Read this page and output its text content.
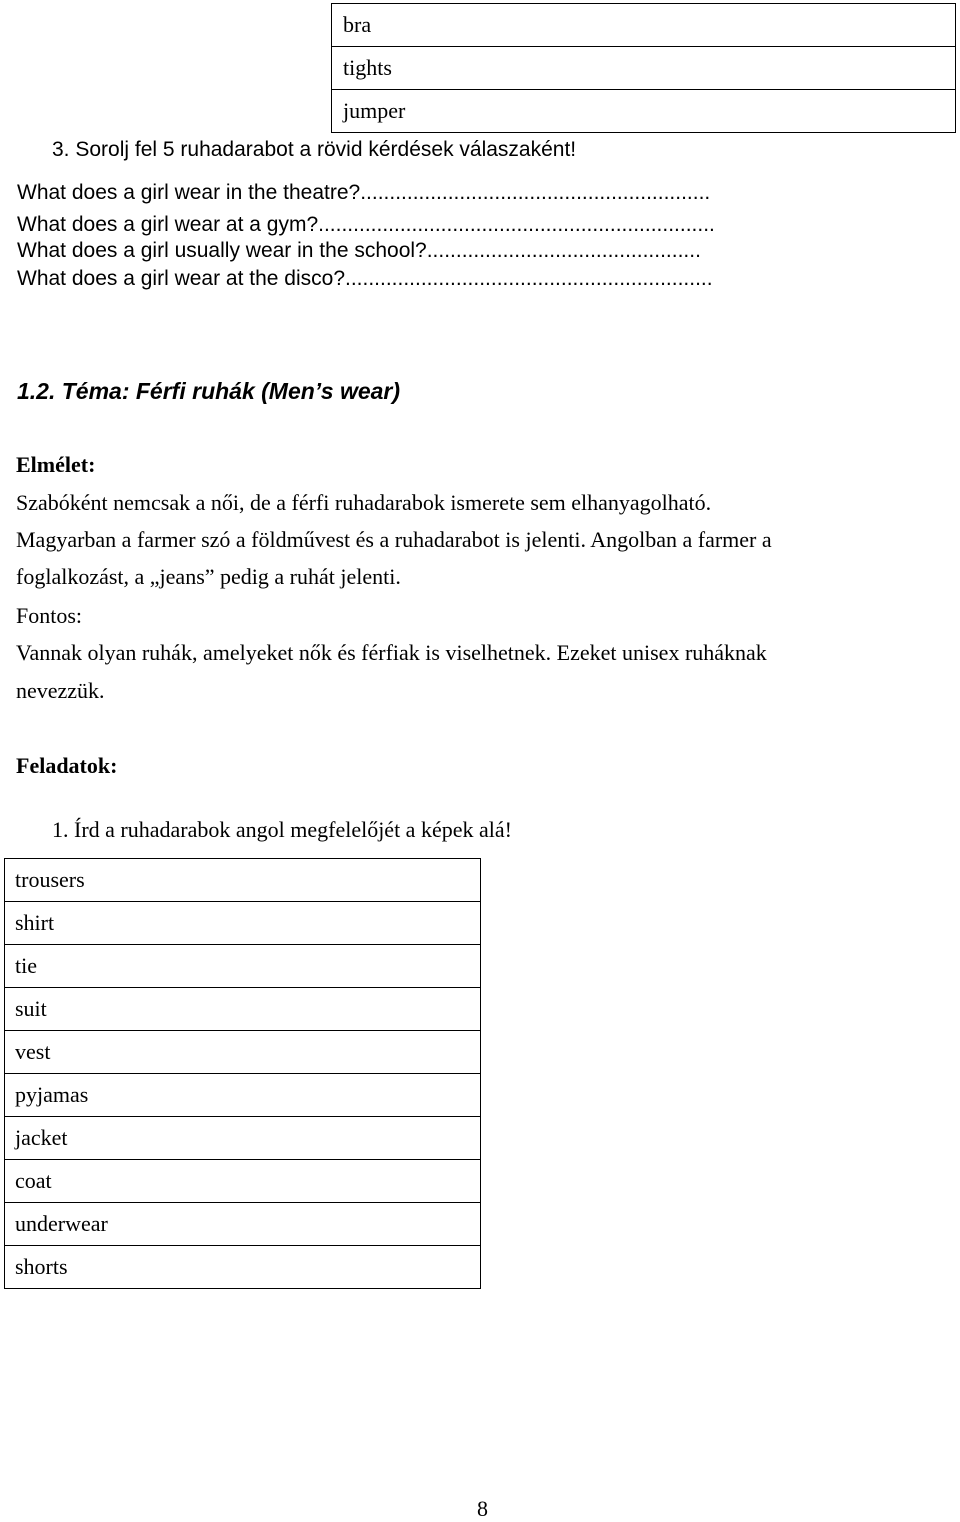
bra
tights
jumper
3. Sorolj fel 5 ruhadarabot a rövid kérdések válaszaként!
What does a girl wear in the theatre?............................................................
What does a girl wear at a gym?....................................................................
What does a girl usually wear in the school?...............................................
What does a girl wear at the disco?...............................................................
1.2. Téma: Férfi ruhák (Men’s wear)
Elmélet:
Szabóként nemcsak a női, de a férfi ruhadarabok ismerete sem elhanyagolható.
Magyarban a farmer szó a földművest és a ruhadarabot is jelenti. Angolban a farmer a
foglalkozást, a „jeans” pedig a ruhát jelenti.
Fontos:
Vannak olyan ruhák, amelyeket nők és férfiak is viselhetnek. Ezeket unisex ruháknak
nevezzük.
Feladatok:
1. Írd a ruhadarabok angol megfelelőjét a képek alá!
trousers
shirt
tie
suit
vest
pyjamas
jacket
coat
underwear
shorts
8
